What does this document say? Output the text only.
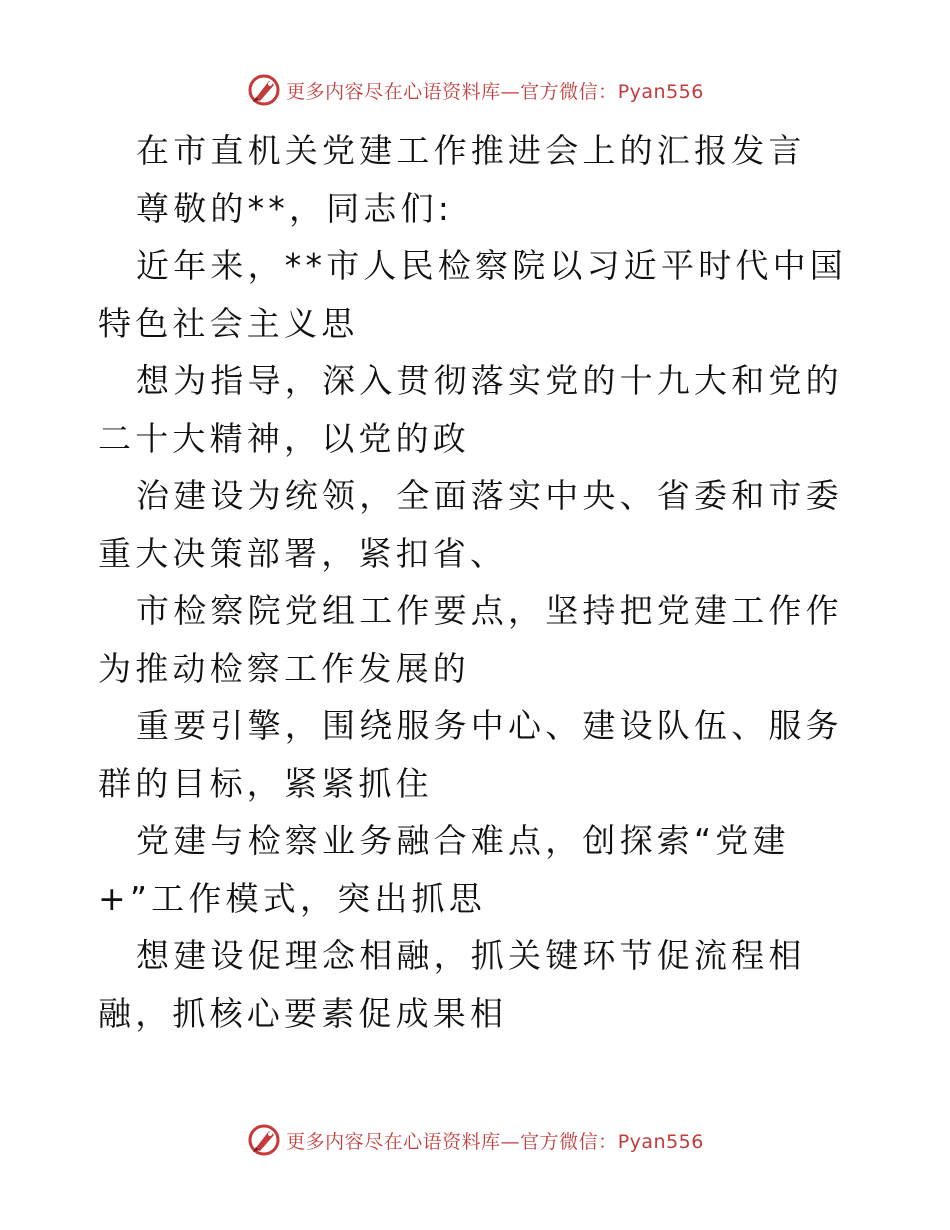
更多内容尽在心语资料库—官方微信：Pyan556

在市直机关党建工作推进会上的汇报发言

尊敬的**，同志们:

近年来，**市人民检察院以习近平时代中国特色社会主义思

想为指导，深入贯彻落实党的十九大和党的二十大精神，以党的政

治建设为统领，全面落实中央、省委和市委重大决策部署，紧扣省、

市检察院党组工作要点，坚持把党建工作作为推动检察工作发展的

重要引擎，围绕服务中心、建设队伍、服务群的目标，紧紧抓住

党建与检察业务融合难点，创探索“党建+”工作模式，突出抓思

想建设促理念相融，抓关键环节促流程相融，抓核心要素促成果相

更多内容尽在心语资料库—官方微信：Pyan556
